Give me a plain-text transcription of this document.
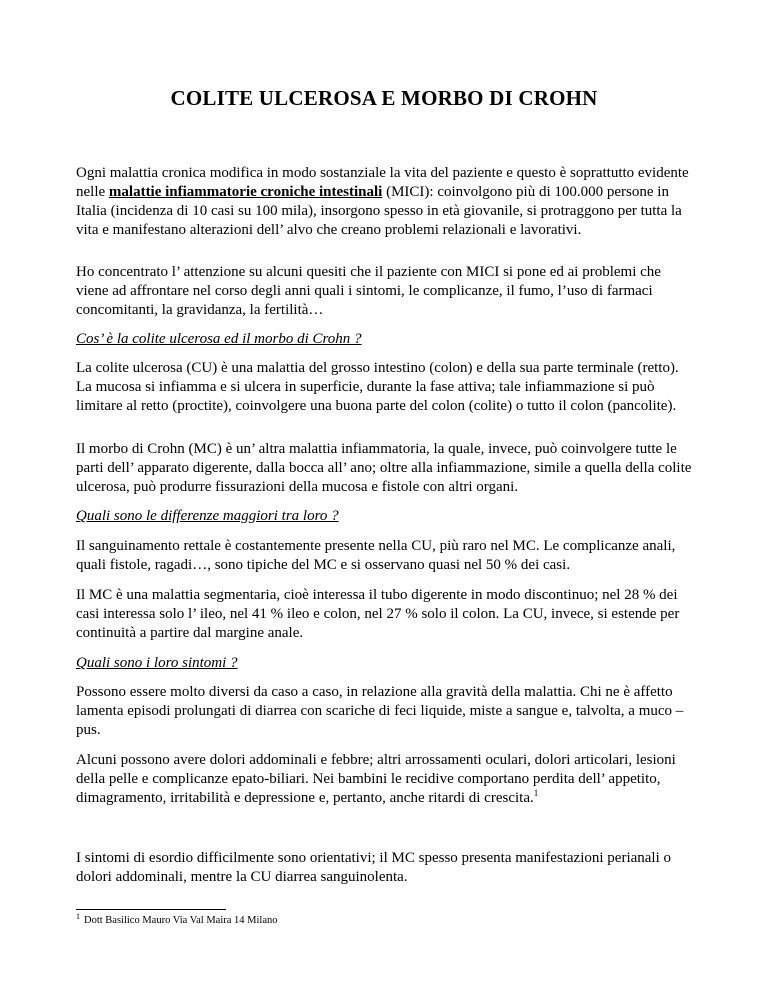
COLITE ULCEROSA E MORBO DI CROHN

Ogni malattia cronica modifica in modo sostanziale la vita del paziente e questo è soprattutto evidente nelle malattie infiammatorie croniche intestinali (MICI): coinvolgono più di 100.000 persone in Italia (incidenza di 10 casi su 100 mila), insorgono spesso in età giovanile, si protraggono per tutta la vita e manifestano alterazioni dell’ alvo che creano problemi relazionali e lavorativi.

Ho concentrato l’ attenzione su alcuni quesiti che il paziente con MICI si pone ed ai problemi che viene ad affrontare nel corso degli anni quali i sintomi, le complicanze, il fumo, l’uso di farmaci concomitanti, la gravidanza, la fertilità…

Cos’ è la colite ulcerosa ed il morbo di Crohn ?

La colite ulcerosa (CU) è una malattia del grosso intestino (colon) e della sua parte terminale (retto). La mucosa si infiamma e si ulcera in superficie, durante la fase attiva; tale infiammazione si può limitare al retto (proctite), coinvolgere una buona parte del colon (colite) o tutto il colon (pancolite).

Il morbo di Crohn (MC) è un’ altra malattia infiammatoria, la quale, invece, può coinvolgere tutte le parti dell’ apparato digerente, dalla bocca all’ ano; oltre alla infiammazione, simile a quella della colite ulcerosa, può produrre fissurazioni della mucosa e fistole con altri organi.

Quali sono le differenze maggiori tra loro ?

Il sanguinamento rettale è costantemente presente nella CU, più raro nel MC. Le complicanze anali, quali fistole, ragadi…, sono tipiche del MC e si osservano quasi nel 50 % dei casi.

Il MC è una malattia segmentaria, cioè interessa il tubo digerente in modo discontinuo; nel 28 % dei casi interessa solo l’ ileo, nel 41 % ileo e colon, nel 27 % solo il colon. La CU, invece, si estende per continuità a partire dal margine anale.

Quali sono i loro sintomi ?

Possono essere molto diversi da caso a caso, in relazione alla gravità della malattia. Chi ne è affetto lamenta episodi prolungati di diarrea con scariche di feci liquide, miste a sangue e, talvolta, a muco – pus.

Alcuni possono avere dolori addominali e febbre; altri arrossamenti oculari, dolori articolari, lesioni della pelle e complicanze epato-biliari. Nei bambini le recidive comportano perdita dell’ appetito, dimagramento, irritabilità e depressione e, pertanto, anche ritardi di crescita.$^1$

I sintomi di esordio difficilmente sono orientativi; il MC spesso presenta manifestazioni perianali o dolori addominali, mentre la CU diarrea sanguinolenta.

$^1$ Dott Basilico Mauro Via Val Maira 14 Milano
